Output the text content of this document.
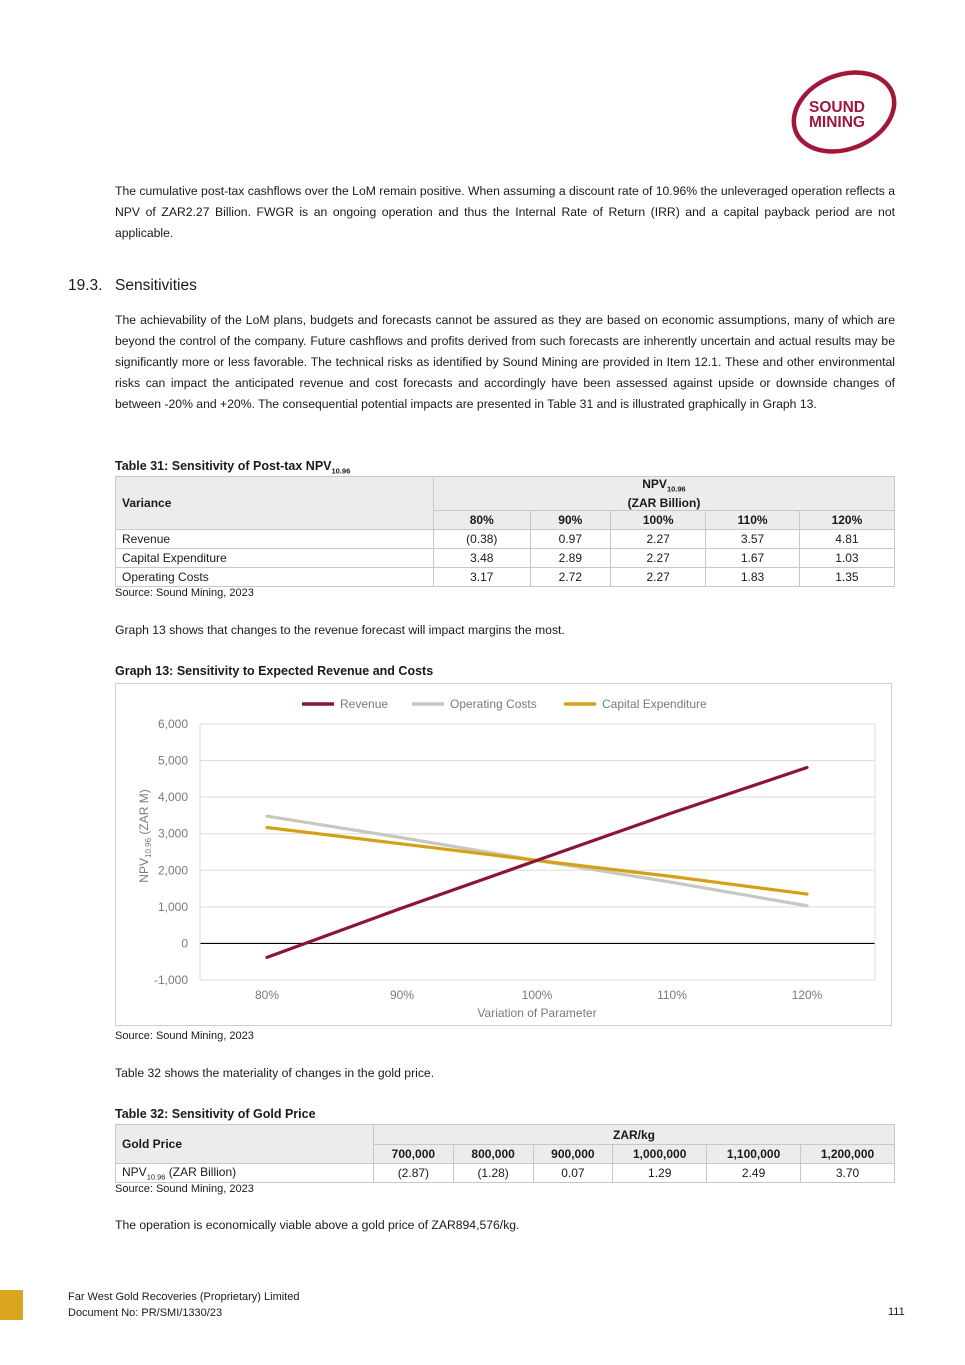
SOUND
MINING
The cumulative post-tax cashflows over the LoM remain positive. When assuming a discount rate of 10.96% the unleveraged operation reflects a NPV of ZAR2.27 Billion. FWGR is an ongoing operation and thus the Internal Rate of Return (IRR) and a capital payback period are not applicable.
19.3. Sensitivities
The achievability of the LoM plans, budgets and forecasts cannot be assured as they are based on economic assumptions, many of which are beyond the control of the company. Future cashflows and profits derived from such forecasts are inherently uncertain and actual results may be significantly more or less favorable. The technical risks as identified by Sound Mining are provided in Item 12.1. These and other environmental risks can impact the anticipated revenue and cost forecasts and accordingly have been assessed against upside or downside changes of between -20% and +20%. The consequential potential impacts are presented in Table 31 and is illustrated graphically in Graph 13.
Table 31: Sensitivity of Post-tax $NPV_{10.96}$
Variance	$NPV_{10.96}$
(ZAR Billion)				
	80%	90%	100%	110%	120%
Revenue	(0.38)	0.97	2.27	3.57	4.81
Capital Expenditure	3.48	2.89	2.27	1.67	1.03
Operating Costs	3.17	2.72	2.27	1.83	1.35
Source: Sound Mining, 2023
Graph 13 shows that changes to the revenue forecast will impact margins the most.
Graph 13: Sensitivity to Expected Revenue and Costs
-1,000
0
1,000
2,000
3,000
4,000
5,000
6,000
80%	90%	100%	110%	120%
Revenue	Operating Costs	Capital Expenditure
Variation of Parameter
$NPV_{10.96}$ (ZAR M)
Source: Sound Mining, 2023
Table 32 shows the materiality of changes in the gold price.
Table 32: Sensitivity of Gold Price
Gold Price	ZAR/kg					
	700,000	800,000	900,000	1,000,000	1,100,000	1,200,000
$NPV_{10.96}$ (ZAR Billion)	(2.87)	(1.28)	0.07	1.29	2.49	3.70
Source: Sound Mining, 2023
The operation is economically viable above a gold price of ZAR894,576/kg.
Far West Gold Recoveries (Proprietary) Limited
Document No: PR/SMI/1330/23	111
